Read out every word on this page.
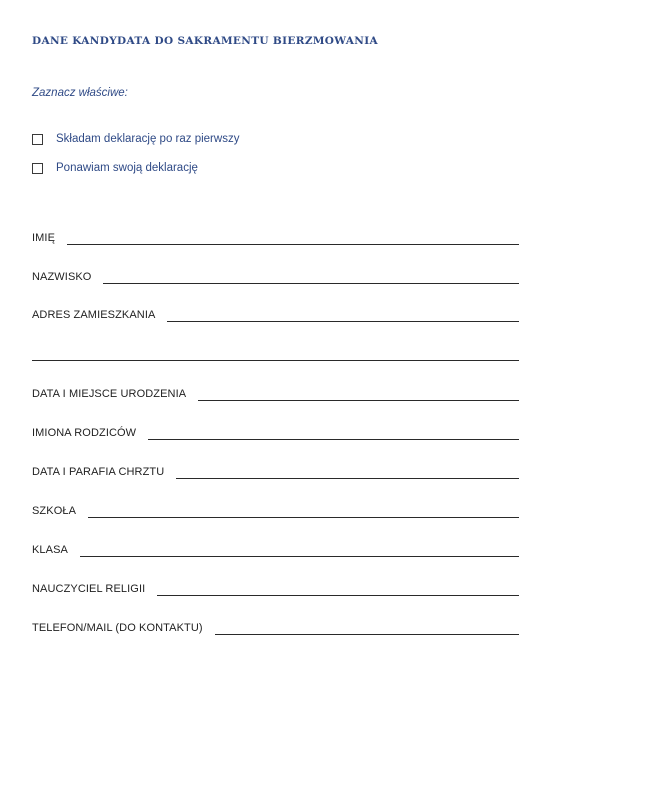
DANE KANDYDATA DO SAKRAMENTU BIERZMOWANIA
Zaznacz właściwe:
Składam deklarację po raz pierwszy
Ponawiam swoją deklarację
IMIĘ
NAZWISKO
ADRES ZAMIESZKANIA
DATA I MIEJSCE URODZENIA
IMIONA RODZICÓW
DATA I PARAFIA CHRZTU
SZKOŁA
KLASA
NAUCZYCIEL RELIGII
TELEFON/MAIL (DO KONTAKTU)
